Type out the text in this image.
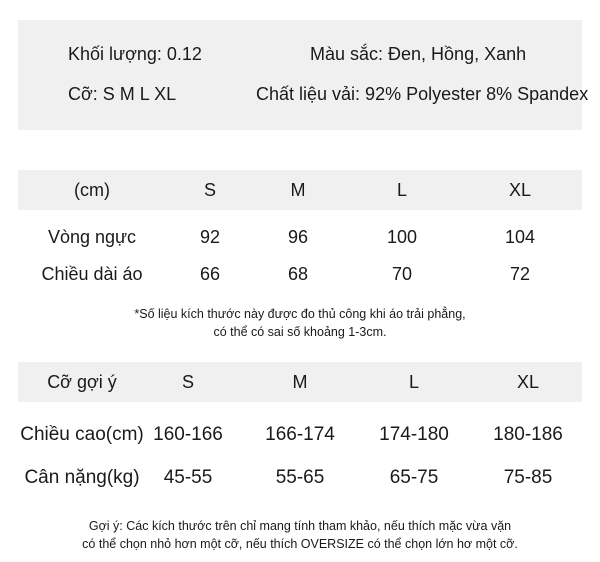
Khối lượng: 0.12	Màu sắc: Đen, Hồng, Xanh
Cỡ: S M L XL	Chất liệu vải: 92% Polyester 8% Spandex
(cm)	S	M	L	XL
Vòng ngực	92	96	100	104
Chiều dài áo	66	68	70	72
*Số liệu kích thước này được đo thủ công khi áo trải phẳng,
có thể có sai số khoảng 1-3cm.
Cỡ gợi ý	S	M	L	XL
Chiều cao(cm) 160-166 166-174 174-180 180-186
Cân nặng(kg) 45-55	55-65	65-75	75-85
Gợi ý: Các kích thước trên chỉ mang tính tham khảo, nếu thích mặc vừa vặn
có thể chọn nhỏ hơn một cỡ, nếu thích OVERSIZE có thể chọn lớn hơ một cỡ.
